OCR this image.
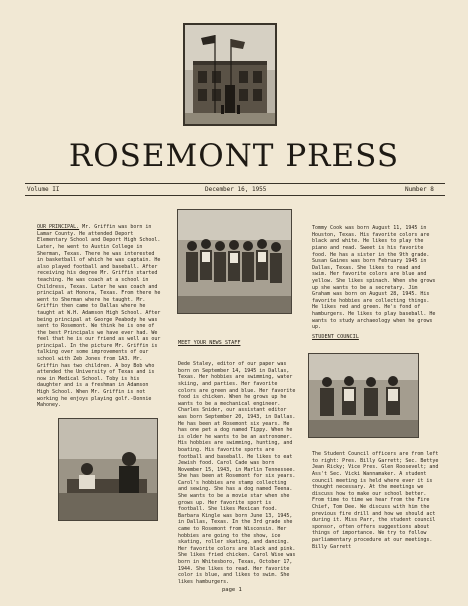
ROSEMONT PRESS
Volume II	December 16, 1955	Number 8

OUR PRINCIPAL. Mr. Griffin was born in Lamar County. He attended Deport Elementary School and Deport High School. Later, he went to Austin College in Sherman, Texas. There he was interested in basketball of which he was captain. He also played football and baseball. After receiving his degree Mr. Griffin started teaching. He was coach at a school in Childress, Texas. Later he was coach and principal at Honora, Texas. From there he went to Sherman where he taught. Mr. Griffin then came to Dallas where he taught at W.H. Adamson High School. After being principal at George Peabody he was sent to Rosemont. We think he is one of the best Principals we have ever had. We feel that he is our friend as well as our principal. In the picture Mr. Griffin is talking over some improvements of our school with Zeb Jones from 1A3. Mr. Griffin has two children. A boy Bob who attended the University of Texas and is now in Medical School. Toby is his daughter and is a freshman in Adamson High School. When Mr. Griffin is not working he enjoys playing golf.-Donnie Mahoney.

MEET YOUR NEWS STAFF

Dede Staley, editor of our paper was born on September 14, 1945 in Dallas, Texas. Her hobbies are swimming, water skiing, and parties. Her favorite colors are green and blue. Her favorite food is chicken. When he grows up he wants to be a mechanical engineer. Charles Snider, our assistant editor was born September 20, 1943, in Dallas. He has been at Rosemont six years. He has one pet a dog named Tippy. When he is older he wants to be an astronomer. His hobbies are swimming, hunting, and boating. His favorite sports are football and baseball. He likes to eat Jewish food. Carol Cade was born November 15, 1943, in Marlin Tennessee. She has been at Rosemont for six years. Carol's hobbies are stamp collecting and sewing. She has a dog named Teena. She wants to be a movie star when she grows up. Her favorite sport is football. She likes Mexican food. Barbara Kingle was born June 13, 1945, in Dallas, Texas. In the 3rd grade she came to Rosemont from Wisconsin. Her hobbies are going to the show, ice skating, roller skating, and dancing. Her favorite colors are black and pink. She likes fried chicken. Carol Wise was born in Whitesboro, Texas, October 17, 1944. She likes to read. Her favorite color is blue, and likes to swim. She likes hamburgers.

Tommy Cook was born August 11, 1945 in Houston, Texas. His favorite colors are black and white. He likes to play the piano and read. Sweet is his favorite food. He has a sister in the 9th grade. Susan Gaines was born February 1945 in Dallas, Texas. She likes to read and swim. Her favorite colors are blue and yellow. She likes spinach. When she grows up she wants to be a secretary. Jim Graham was born on August 28, 1945. His favorite hobbies are collecting things. He likes red and green. He's fond of hamburgers. He likes to play baseball. He wants to study archaeology when he grows up.

STUDENT COUNCIL

The Student Council officers are from left to right: Pres. Billy Garrett; Sec. Bettye Jean Ricky; Vice Pres. Glen Roosevelt; and Ass't Sec. Vicki Wannamaker. A student council meeting is held where ever it is thought necessary. At the meetings we discuss how to make our school better. From time to time we hear from the Fire Chief, Tom Dee. We discuss with him the previous fire drill and how we should act during it. Miss Parr, the student council sponsor, often offers suggestions about things of importance. We try to follow parliamentary procedure at our meetings. Billy Garrett

page 1
